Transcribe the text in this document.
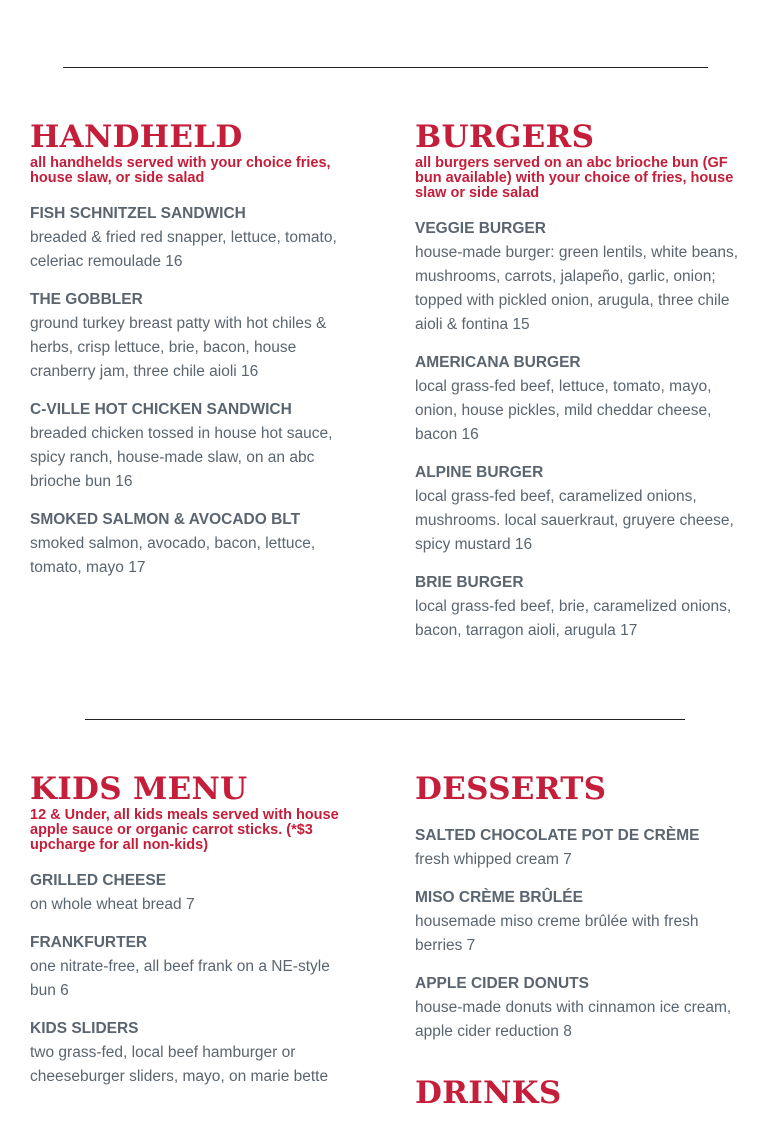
HANDHELD
all handhelds served with your choice fries, house slaw, or side salad
FISH SCHNITZEL SANDWICH
breaded & fried red snapper, lettuce, tomato, celeriac remoulade 16
THE GOBBLER
ground turkey breast patty with hot chiles & herbs, crisp lettuce, brie, bacon, house cranberry jam, three chile aioli 16
C-VILLE HOT CHICKEN SANDWICH
breaded chicken tossed in house hot sauce, spicy ranch, house-made slaw, on an abc brioche bun 16
SMOKED SALMON & AVOCADO BLT
smoked salmon, avocado, bacon, lettuce, tomato, mayo 17
BURGERS
all burgers served on an abc brioche bun (GF bun available) with your choice of fries, house slaw or side salad
VEGGIE BURGER
house-made burger: green lentils, white beans, mushrooms, carrots, jalapeño, garlic, onion; topped with pickled onion, arugula, three chile aioli & fontina 15
AMERICANA BURGER
local grass-fed beef, lettuce, tomato, mayo, onion, house pickles, mild cheddar cheese, bacon 16
ALPINE BURGER
local grass-fed beef, caramelized onions, mushrooms. local sauerkraut, gruyere cheese, spicy mustard 16
BRIE BURGER
local grass-fed beef, brie, caramelized onions, bacon, tarragon aioli, arugula 17
KIDS MENU
12 & Under, all kids meals served with house apple sauce or organic carrot sticks. (*$3 upcharge for all non-kids)
GRILLED CHEESE
on whole wheat bread 7
FRANKFURTER
one nitrate-free, all beef frank on a NE-style bun 6
KIDS SLIDERS
two grass-fed, local beef hamburger or cheeseburger sliders, mayo, on marie bette
DESSERTS
SALTED CHOCOLATE POT DE CRÈME
fresh whipped cream 7
MISO CRÈME BRÛLÉE
housemade miso creme brûlée with fresh berries 7
APPLE CIDER DONUTS
house-made donuts with cinnamon ice cream, apple cider reduction 8
DRINKS
